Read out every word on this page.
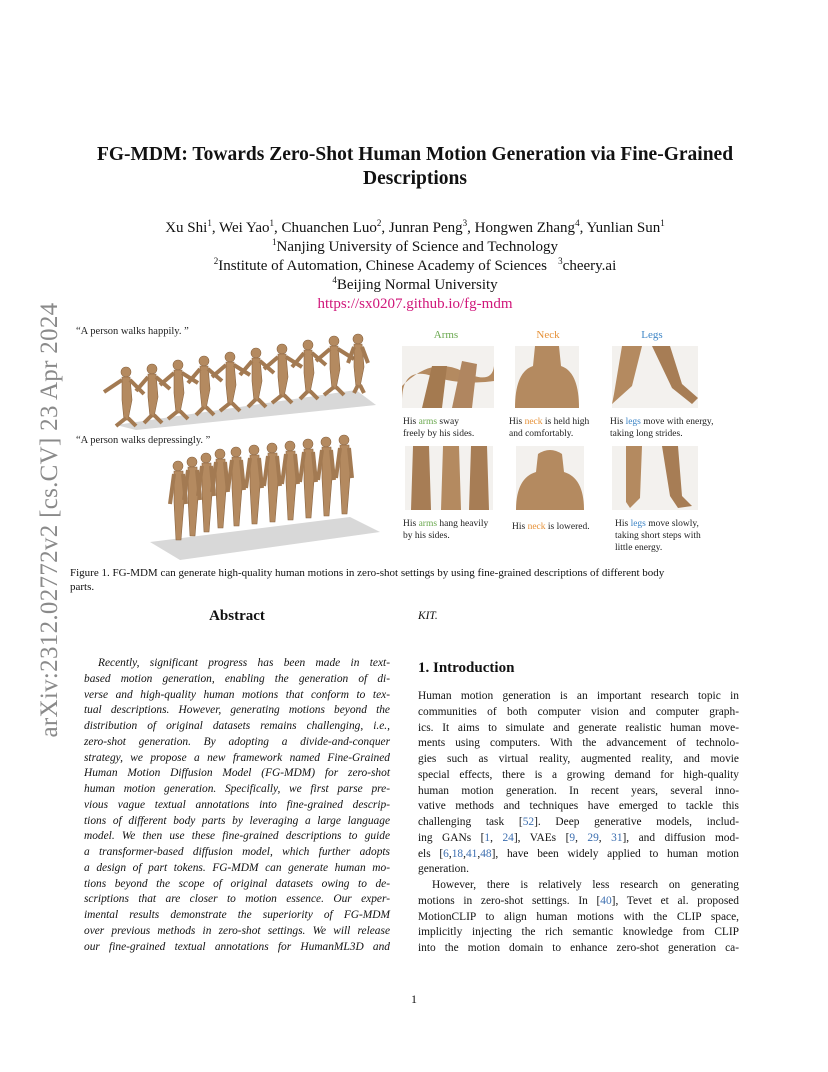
arXiv:2312.02772v2 [cs.CV] 23 Apr 2024
FG-MDM: Towards Zero-Shot Human Motion Generation via Fine-Grained
Descriptions
Xu Shi$^1$, Wei Yao$^1$, Chuanchen Luo$^2$, Junran Peng$^3$, Hongwen Zhang$^4$, Yunlian Sun$^1$
$^1$Nanjing University of Science and Technology
$^2$Institute of Automation, Chinese Academy of Sciences $^3$cheery.ai
$^4$Beijing Normal University
https://sx0207.github.io/fg-mdm
“A person walks happily. ”
“A person walks depressingly. ”
Arms	Neck	Legs
His arms sway
freely by his sides.
His neck is held high
and comfortably.
His legs move with energy,
taking long strides.
His arms hang heavily
by his sides.
His neck is lowered.	His legs move slowly,
taking short steps with
little energy.
Figure 1. FG-MDM can generate high-quality human motions in zero-shot settings by using fine-grained descriptions of different body
parts.
Abstract
Recently, significant progress has been made in text-
based motion generation, enabling the generation of di-
verse and high-quality human motions that conform to tex-
tual descriptions. However, generating motions beyond the
distribution of original datasets remains challenging, i.e.,
zero-shot generation. By adopting a divide-and-conquer
strategy, we propose a new framework named Fine-Grained
Human Motion Diffusion Model (FG-MDM) for zero-shot
human motion generation. Specifically, we first parse pre-
vious vague textual annotations into fine-grained descrip-
tions of different body parts by leveraging a large language
model. We then use these fine-grained descriptions to guide
a transformer-based diffusion model, which further adopts
a design of part tokens. FG-MDM can generate human mo-
tions beyond the scope of original datasets owing to de-
scriptions that are closer to motion essence. Our exper-
imental results demonstrate the superiority of FG-MDM
over previous methods in zero-shot settings. We will release
our fine-grained textual annotations for HumanML3D and
KIT.
1. Introduction
Human motion generation is an important research topic in
communities of both computer vision and computer graph-
ics. It aims to simulate and generate realistic human move-
ments using computers. With the advancement of technolo-
gies such as virtual reality, augmented reality, and movie
special effects, there is a growing demand for high-quality
human motion generation. In recent years, several inno-
vative methods and techniques have emerged to tackle this
challenging task [52]. Deep generative models, includ-
ing GANs [1, 24], VAEs [9, 29, 31], and diffusion mod-
els [6,18,41,48], have been widely applied to human motion
generation.
However, there is relatively less research on generating
motions in zero-shot settings. In [40], Tevet et al. proposed
MotionCLIP to align human motions with the CLIP space,
implicitly injecting the rich semantic knowledge from CLIP
into the motion domain to enhance zero-shot generation ca-
1
